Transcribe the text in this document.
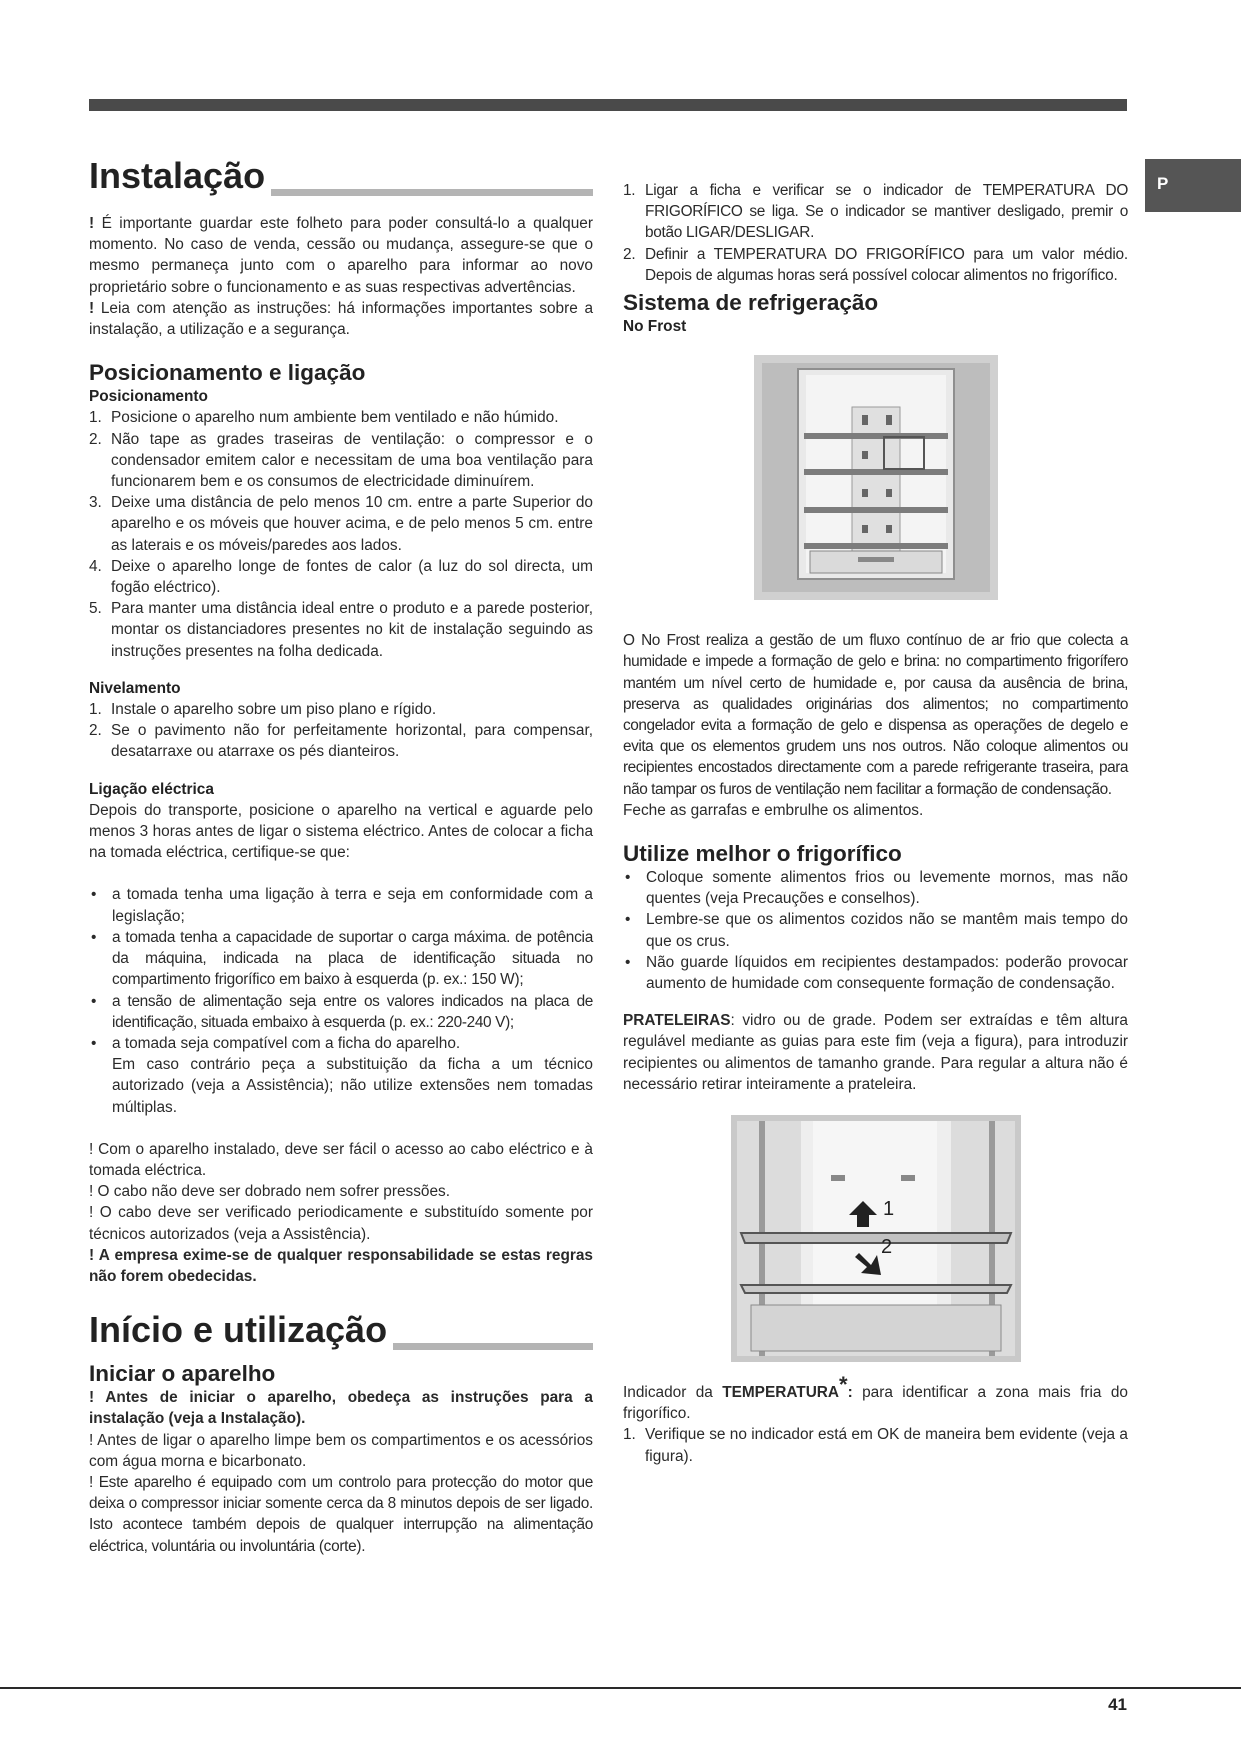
P
Instalação

! É importante guardar este folheto para poder consultá-lo a qualquer momento. No caso de venda, cessão ou mudança, assegure-se que o mesmo permaneça junto com o aparelho para informar ao novo proprietário sobre o funcionamento e as suas respectivas advertências.

! Leia com atenção as instruções: há informações importantes sobre a instalação, a utilização e a segurança.

Posicionamento e ligação
Posicionamento
1. Posicione o aparelho num ambiente bem ventilado e não húmido.
2. Não tape as grades traseiras de ventilação: o compressor e o condensador emitem calor e necessitam de uma boa ventilação para funcionarem bem e os consumos de electricidade diminuírem.
3. Deixe uma distância de pelo menos 10 cm. entre a parte Superior do aparelho e os móveis que houver acima, e de pelo menos 5 cm. entre as laterais e os móveis/paredes aos lados.
4. Deixe o aparelho longe de fontes de calor (a luz do sol directa, um fogão eléctrico).
5. Para manter uma distância ideal entre o produto e a parede posterior, montar os distanciadores presentes no kit de instalação seguindo as instruções presentes na folha dedicada.
Nivelamento
1. Instale o aparelho sobre um piso plano e rígido.
2. Se o pavimento não for perfeitamente horizontal, para compensar, desatarraxe ou atarraxe os pés dianteiros.
Ligação eléctrica

Depois do transporte, posicione o aparelho na vertical e aguarde pelo menos 3 horas antes de ligar o sistema eléctrico. Antes de colocar a ficha na tomada eléctrica, certifique-se que:

• a tomada tenha uma ligação à terra e seja em conformidade com a legislação;
• a tomada tenha a capacidade de suportar o carga máxima. de potência da máquina, indicada na placa de identificação situada no compartimento frigorífico em baixo à esquerda (p. ex.: 150 W);
• a tensão de alimentação seja entre os valores indicados na placa de identificação, situada embaixo à esquerda (p. ex.: 220-240 V);
• a tomada seja compatível com a ficha do aparelho.

Em caso contrário peça a substituição da ficha a um técnico autorizado (veja a Assistência); não utilize extensões nem tomadas múltiplas.

! Com o aparelho instalado, deve ser fácil o acesso ao cabo eléctrico e à tomada eléctrica.

! O cabo não deve ser dobrado nem sofrer pressões.

! O cabo deve ser verificado periodicamente e substituído somente por técnicos autorizados (veja a Assistência).

! A empresa exime-se de qualquer responsabilidade se estas regras não forem obedecidas.

Início e utilização
Iniciar o aparelho

! Antes de iniciar o aparelho, obedeça as instruções para a instalação (veja a Instalação).

! Antes de ligar o aparelho limpe bem os compartimentos e os acessórios com água morna e bicarbonato.

! Este aparelho é equipado com um controlo para protecção do motor que deixa o compressor iniciar somente cerca da 8 minutos depois de ser ligado. Isto acontece também depois de qualquer interrupção na alimentação eléctrica, voluntária ou involuntária (corte).

1. Ligar a ficha e verificar se o indicador de TEMPERATURA DO FRIGORÍFICO se liga. Se o indicador se mantiver desligado, premir o botão LIGAR/DESLIGAR.
2. Definir a TEMPERATURA DO FRIGORÍFICO para um valor médio. Depois de algumas horas será possível colocar alimentos no frigorífico.
Sistema de refrigeração
No Frost

O No Frost realiza a gestão de um fluxo contínuo de ar frio que colecta a humidade e impede a formação de gelo e brina: no compartimento frigorífero mantém um nível certo de humidade e, por causa da ausência de brina, preserva as qualidades originárias dos alimentos; no compartimento congelador evita a formação de gelo e dispensa as operações de degelo e evita que os elementos grudem uns nos outros. Não coloque alimentos ou recipientes encostados directamente com a parede refrigerante traseira, para não tampar os furos de ventilação nem facilitar a formação de condensação.

Feche as garrafas e embrulhe os alimentos.

Utilize melhor o frigorífico
• Coloque somente alimentos frios ou levemente mornos, mas não quentes (veja Precauções e conselhos).
• Lembre-se que os alimentos cozidos não se mantêm mais tempo do que os crus.
• Não guarde líquidos em recipientes destampados: poderão provocar aumento de humidade com consequente formação de condensação.

PRATELEIRAS: vidro ou de grade. Podem ser extraídas e têm altura regulável mediante as guias para este fim (veja a figura), para introduzir recipientes ou alimentos de tamanho grande. Para regular a altura não é necessário retirar inteiramente a prateleira.

1
2

Indicador da TEMPERATURA*: para identificar a zona mais fria do frigorífico.

1. Verifique se no indicador está em OK de maneira bem evidente (veja a figura).
41
